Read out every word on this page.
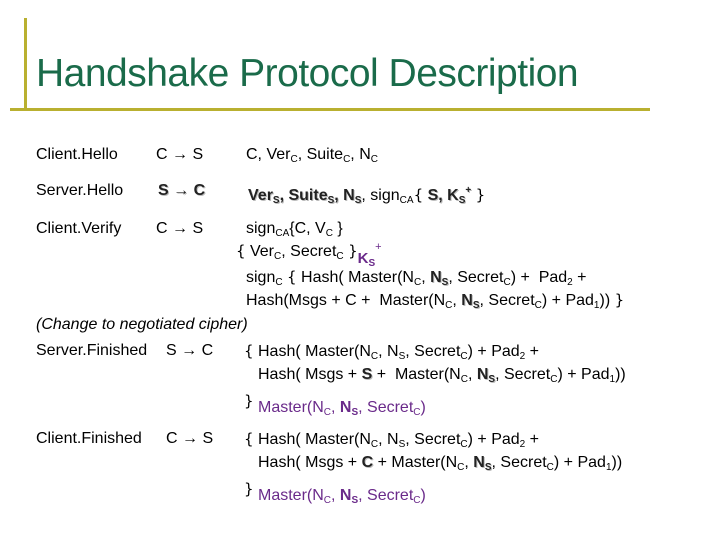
Handshake Protocol Description
Client.Hello C → S	C, Ver$_C$, Suite$_C$, $N_C$
Server.Hello S → C	Ver$_S$, Suite$_S$, $N_S$, sign$_{CA}${ S, $K_S^+$ }
Client.Verify C → S	sign$_{CA}${C, $V_C$ }
{ Ver$_C$, Secret$_C$ }$K_S^+$
sign$_C$ { Hash( $Master(N_C$, $N_S$, Secret$_C$) +  Pad$_2$ +
Hash(Msgs + $C + Master(N_C$, $N_S$, Secret$_C$) + Pad$_1$)) }
(Change to negotiated cipher)
Server.Finished S → C { Hash( $Master(N_C$, $N_S$, Secret$_C$) + Pad$_2$ +
Hash( Msgs + $S + Master(N_C$, $N_S$, Secret$_C$) + Pad$_1$))
} $Master(N_C$, $N_S$, Secret$_C$)
Client.Finished C → S { Hash( $Master(N_C$, $N_S$, Secret$_C$) + Pad$_2$ +
Hash( Msgs + $C + Master(N_C$, $N_S$, Secret$_C$) + Pad$_1$))
} $Master(N_C$, $N_S$, Secret$_C$)
